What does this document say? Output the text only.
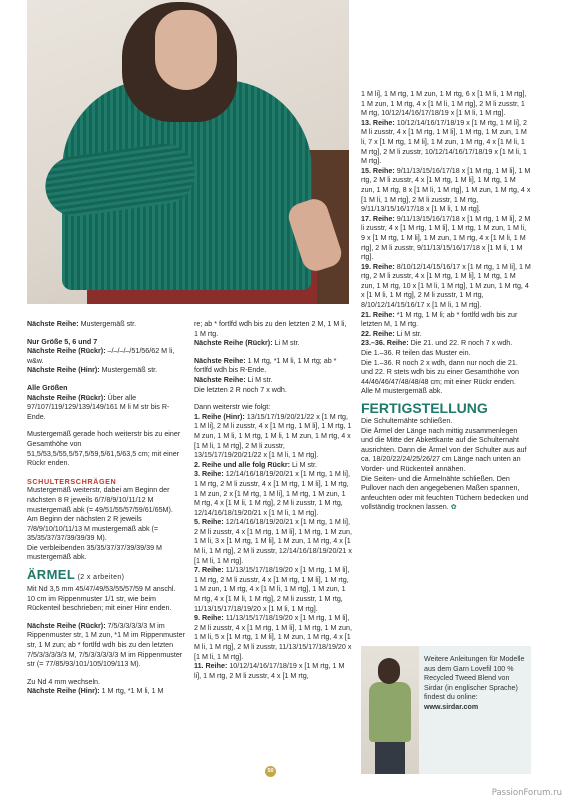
Nächste Reihe: Mustergemäß str.

Nur Größe 5, 6 und 7

Nächste Reihe (Rückr): –/–/–/–/51/56/62 M li, w&w.

Nächste Reihe (Hinr): Mustergemäß str.

Alle Größen

Nächste Reihe (Rückr): Über alle 97/107/119/129/139/149/161 M li M str bis R-Ende.

Mustergemäß gerade hoch weiterstr bis zu einer Gesamthöhe von 51,5/53,5/55,5/57,5/59,5/61,5/63,5 cm; mit einer Rückr enden.

SCHULTERSCHRÄGEN

Mustergemäß weiterstr, dabei am Beginn der nächsten 8 R jeweils 6/7/8/9/10/11/12 M mustergemäß abk (= 49/51/55/57/59/61/65M). Am Beginn der nächsten 2 R jeweils 7/8/9/10/10/11/13 M mustergemäß abk (= 35/35/37/37/39/39/39 M).

Die verbleibenden 35/35/37/37/39/39/39 M mustergemäß abk.

ÄRMEL (2 x arbeiten)

Mit Nd 3,5 mm 45/47/49/53/55/57/59 M anschl. 10 cm im Rippenmuster 1/1 str, wie beim Rückenteil beschrieben; mit einer Hinr enden.

Nächste Reihe (Rückr): 7/5/3/3/3/3/3 M im Rippenmuster str, 1 M zun, *1 M im Rippenmuster str, 1 M zun; ab * fortlfd wdh bis zu den letzten 7/5/3/3/3/3/3 M, 7/5/3/3/3/3/3 M im Rippenmuster str (= 77/85/93/101/105/109/113 M).

Zu Nd 4 mm wechseln.

Nächste Reihe (Hinr): 1 M rtg, *1 M li, 1 M

re; ab * fortlfd wdh bis zu den letzten 2 M, 1 M li, 1 M rtg.

Nächste Reihe (Rückr): Li M str.

Nächste Reihe: 1 M rtg, *1 M li, 1 M rtg; ab * fortlfd wdh bis R-Ende.

Nächste Reihe: Li M str.

Die letzten 2 R noch 7 x wdh.

Dann weiterstr wie folgt:

1. Reihe (Hinr): 13/15/17/19/20/21/22 x [1 M rtg, 1 M li], 2 M li zusstr, 4 x [1 M rtg, 1 M li], 1 M rtg, 1 M zun, 1 M li, 1 M rtg, 1 M li, 1 M zun, 1 M rtg, 4 x [1 M li, 1 M rtg], 2 M li zusstr, 13/15/17/19/20/21/22 x [1 M li, 1 M rtg].

2. Reihe und alle folg Rückr: Li M str.

3. Reihe: 12/14/16/18/19/20/21 x [1 M rtg, 1 M li], 1 M rtg, 2 M li zusstr, 4 x [1 M rtg, 1 M li], 1 M rtg, 1 M zun, 2 x [1 M rtg, 1 M li], 1 M rtg, 1 M zun, 1 M rtg, 4 x [1 M li, 1 M rtg], 2 M li zusstr, 1 M rtg, 12/14/16/18/19/20/21 x [1 M li, 1 M rtg].

5. Reihe: 12/14/16/18/19/20/21 x [1 M rtg, 1 M li], 2 M li zusstr, 4 x [1 M rtg, 1 M li], 1 M rtg, 1 M zun, 1 M li, 3 x [1 M rtg, 1 M li], 1 M zun, 1 M rtg, 4 x [1 M li, 1 M rtg], 2 M li zusstr, 12/14/16/18/19/20/21 x [1 M li, 1 M rtg].

7. Reihe: 11/13/15/17/18/19/20 x [1 M rtg, 1 M li], 1 M rtg, 2 M li zusstr, 4 x [1 M rtg, 1 M li], 1 M rtg, 1 M zun, 1 M rtg, 4 x [1 M li, 1 M rtg], 1 M zun, 1 M rtg, 4 x [1 M li, 1 M rtg], 2 M li zusstr, 1 M rtg, 11/13/15/17/18/19/20 x [1 M li, 1 M rtg].

9. Reihe: 11/13/15/17/18/19/20 x [1 M rtg, 1 M li], 2 M li zusstr, 4 x [1 M rtg, 1 M li], 1 M rtg, 1 M zun, 1 M li, 5 x [1 M rtg, 1 M li], 1 M zun, 1 M rtg, 4 x [1 M li, 1 M rtg], 2 M li zusstr, 11/13/15/17/18/19/20 x [1 M li, 1 M rtg].

11. Reihe: 10/12/14/16/17/18/19 x [1 M rtg, 1 M li], 1 M rtg, 2 M li zusstr, 4 x [1 M rtg,

1 M li], 1 M rtg, 1 M zun, 1 M rtg, 6 x [1 M li, 1 M rtg], 1 M zun, 1 M rtg, 4 x [1 M li, 1 M rtg], 2 M li zusstr, 1 M rtg, 10/12/14/16/17/18/19 x [1 M li, 1 M rtg].

13. Reihe: 10/12/14/16/17/18/19 x [1 M rtg, 1 M li], 2 M li zusstr, 4 x [1 M rtg, 1 M li], 1 M rtg, 1 M zun, 1 M li, 7 x [1 M rtg, 1 M li], 1 M zun, 1 M rtg, 4 x [1 M li, 1 M rtg], 2 M li zusstr, 10/12/14/16/17/18/19 x [1 M li, 1 M rtg].

15. Reihe: 9/11/13/15/16/17/18 x [1 M rtg, 1 M li], 1 M rtg, 2 M li zusstr, 4 x [1 M rtg, 1 M li], 1 M rtg, 1 M zun, 1 M rtg, 8 x [1 M li, 1 M rtg], 1 M zun, 1 M rtg, 4 x [1 M li, 1 M rtg], 2 M li zusstr, 1 M rtg, 9/11/13/15/16/17/18 x [1 M li, 1 M rtg].

17. Reihe: 9/11/13/15/16/17/18 x [1 M rtg, 1 M li], 2 M li zusstr, 4 x [1 M rtg, 1 M li], 1 M rtg, 1 M zun, 1 M li, 9 x [1 M rtg, 1 M li], 1 M zun, 1 M rtg, 4 x [1 M li, 1 M rtg], 2 M li zusstr, 9/11/13/15/16/17/18 x [1 M li, 1 M rtg].

19. Reihe: 8/10/12/14/15/16/17 x [1 M rtg, 1 M li], 1 M rtg, 2 M li zusstr, 4 x [1 M rtg, 1 M li], 1 M rtg, 1 M zun, 1 M rtg, 10 x [1 M li, 1 M rtg], 1 M zun, 1 M rtg, 4 x [1 M li, 1 M rtg], 2 M li zusstr, 1 M rtg, 8/10/12/14/15/16/17 x [1 M li, 1 M rtg].

21. Reihe: *1 M rtg, 1 M li; ab * fortlfd wdh bis zur letzten M, 1 M rtg.

22. Reihe: Li M str.

23.–36. Reihe: Die 21. und 22. R noch 7 x wdh.

Die 1.–36. R teilen das Muster ein.

Die 1.–36. R noch 2 x wdh, dann nur noch die 21. und 22. R stets wdh bis zu einer Gesamthöhe von 44/46/46/47/48/48/48 cm; mit einer Rückr enden.

Alle M mustergemäß abk.

FERTIGSTELLUNG

Die Schulternähte schließen.

Die Ärmel der Länge nach mittig zusammenlegen und die Mitte der Abkettkante auf die Schulternaht ausrichten. Dann die Ärmel von der Schulter aus auf ca. 18/20/22/24/25/26/27 cm Länge nach unten an Vorder- und Rückenteil annähen.

Die Seiten- und die Ärmelnähte schließen. Den Pullover nach den angegebenen Maßen spannen, anfeuchten oder mit feuchten Tüchern bedecken und vollständig trocknen lassen. ✿

Weitere Anleitungen für Modelle aus dem Garn Lovefil 100 % Recycled Tweed Blend von Sirdar (in englischer Sprache) findest du online:
www.sirdar.com
50
PassionForum.ru
